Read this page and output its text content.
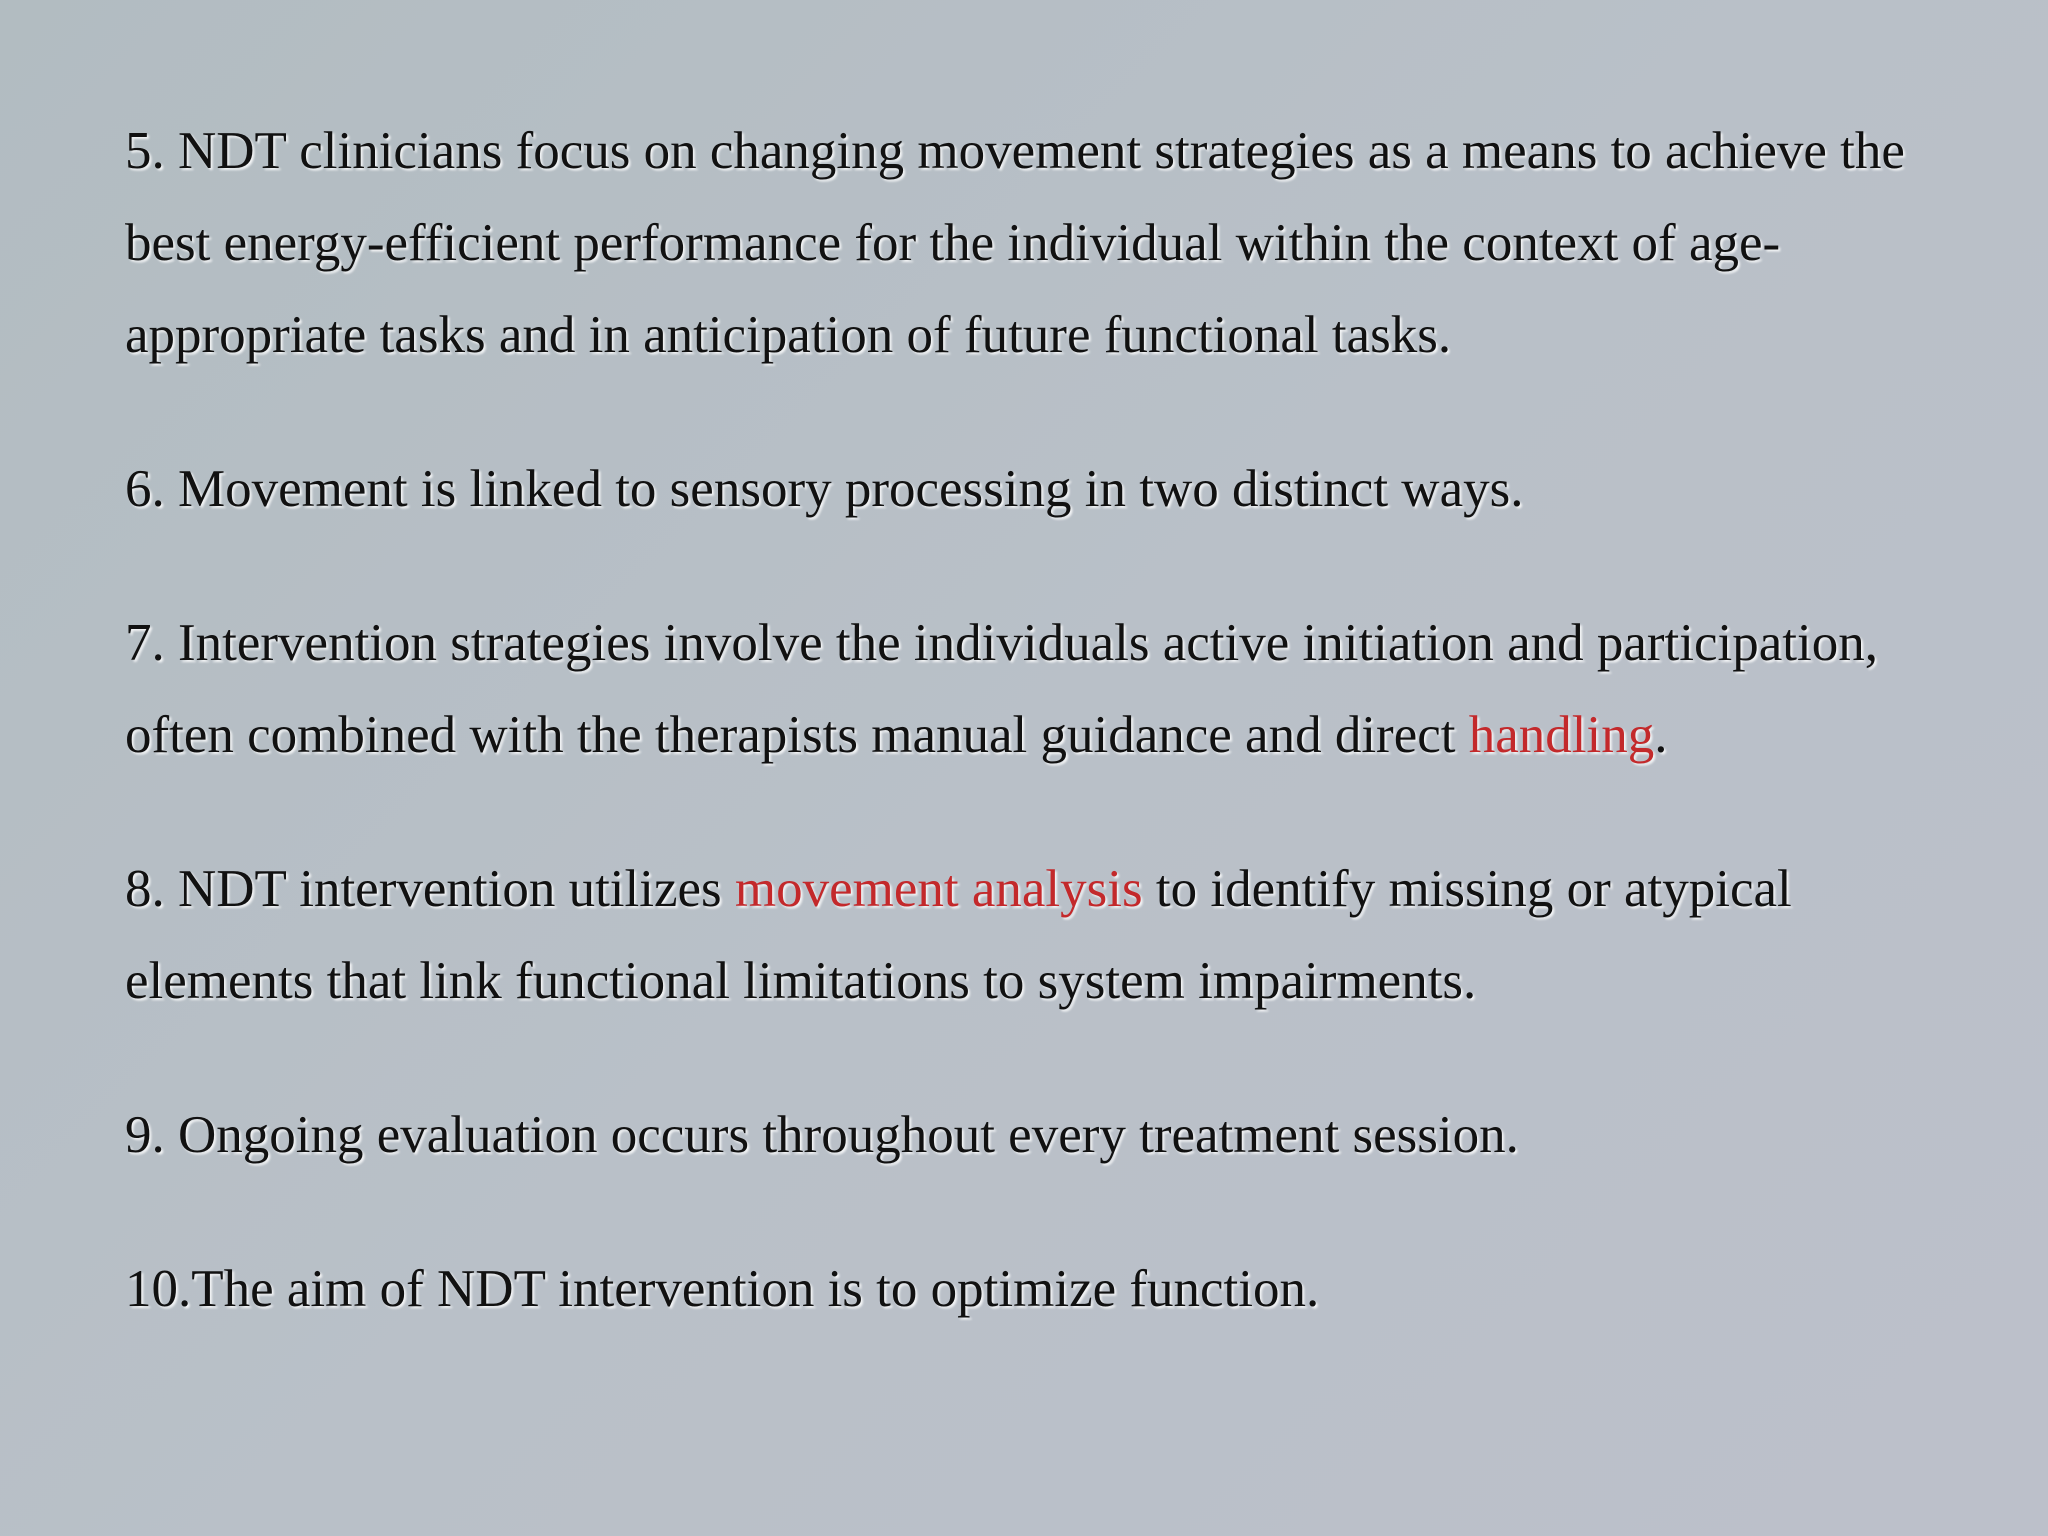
5. NDT clinicians focus on changing movement strategies as a means to achieve the best energy-efficient performance for the individual within the context of age-appropriate tasks and in anticipation of future functional tasks.

6. Movement is linked to sensory processing in two distinct ways.

7. Intervention strategies involve the individuals active initiation and participation, often combined with the therapists manual guidance and direct handling.

8. NDT intervention utilizes movement analysis to identify missing or atypical elements that link functional limitations to system impairments.

9. Ongoing evaluation occurs throughout every treatment session.

10.The aim of NDT intervention is to optimize function.
